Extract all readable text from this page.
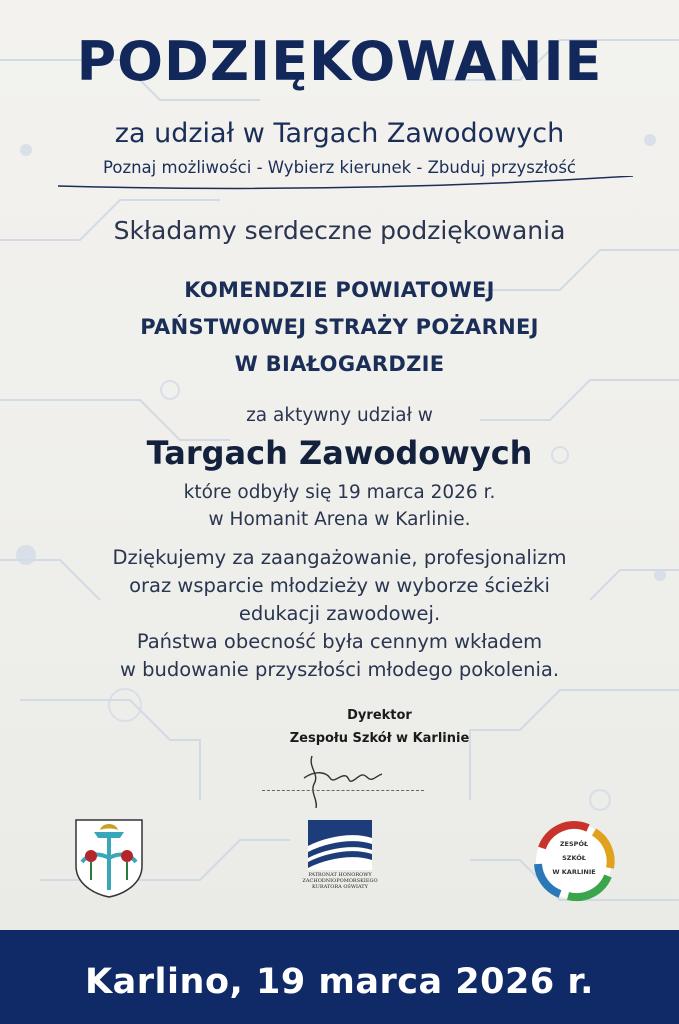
PODZIĘKOWANIE
za udział w Targach Zawodowych
Poznaj możliwości - Wybierz kierunek - Zbuduj przyszłość
Składamy serdeczne podziękowania
KOMENDZIE POWIATOWEJ
PAŃSTWOWEJ STRAŻY POŻARNEJ
W BIAŁOGARDZIE
za aktywny udział w
Targach Zawodowych
które odbyły się 19 marca 2026 r.
w Homanit Arena w Karlinie.
Dziękujemy za zaangażowanie, profesjonalizm
oraz wsparcie młodzieży w wyborze ścieżki
edukacji zawodowej.
Państwa obecność była cennym wkładem
w budowanie przyszłości młodego pokolenia.
Dyrektor
Zespołu Szkół w Karlinie
PATRONAT HONOROWY
ZACHODNIOPOMORSKIEGO
KURATORA OŚWIATY
ZESPÓŁ
SZKÓŁ
W KARLINIE
Karlino, 19 marca 2026 r.
